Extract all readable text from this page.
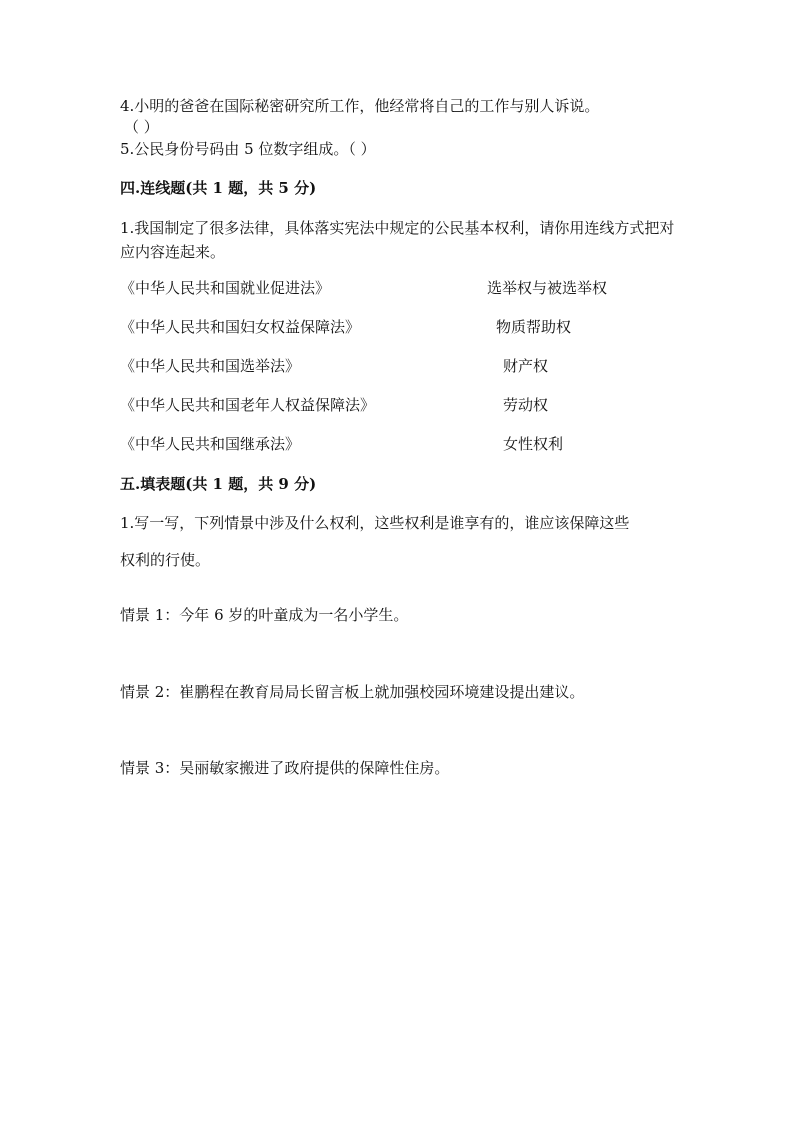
4.小明的爸爸在国际秘密研究所工作，他经常将自己的工作与别人诉说。
（ ）
5.公民身份号码由 5 位数字组成。（ ）
四.连线题(共 1 题，共 5 分)
1.我国制定了很多法律，具体落实宪法中规定的公民基本权利，请你用连线方式把对应内容连起来。
《中华人民共和国就业促进法》	选举权与被选举权
《中华人民共和国妇女权益保障法》	物质帮助权
《中华人民共和国选举法》	财产权
《中华人民共和国老年人权益保障法》	劳动权
《中华人民共和国继承法》	女性权利
五.填表题(共 1 题，共 9 分)
1.写一写，下列情景中涉及什么权利，这些权利是谁享有的，谁应该保障这些
权利的行使。
情景 1：今年 6 岁的叶童成为一名小学生。
情景 2：崔鹏程在教育局局长留言板上就加强校园环境建设提出建议。
情景 3：吴丽敏家搬进了政府提供的保障性住房。
